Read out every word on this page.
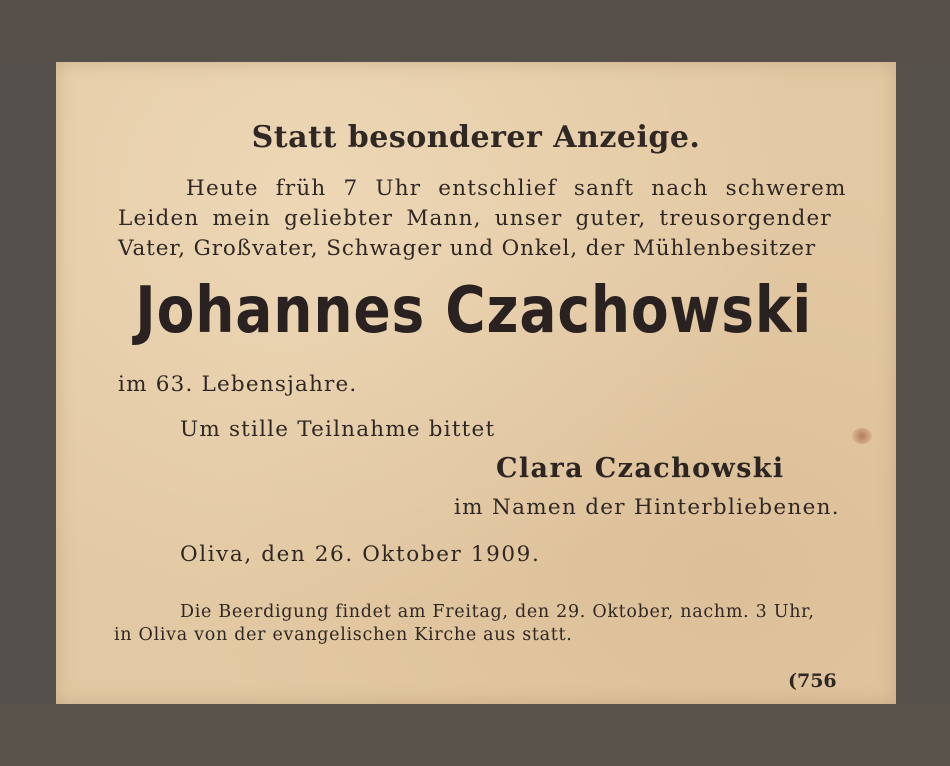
Statt besonderer Anzeige.
Heute früh 7 Uhr entschlief sanft nach schwerem
Leiden mein geliebter Mann, unser guter, treusorgender
Vater, Großvater, Schwager und Onkel, der Mühlenbesitzer
Johannes Czachowski
im 63. Lebensjahre.
Um stille Teilnahme bittet
Clara Czachowski
im Namen der Hinterbliebenen.
Oliva, den 26. Oktober 1909.
Die Beerdigung findet am Freitag, den 29. Oktober, nachm. 3 Uhr,
in Oliva von der evangelischen Kirche aus statt.
(756
